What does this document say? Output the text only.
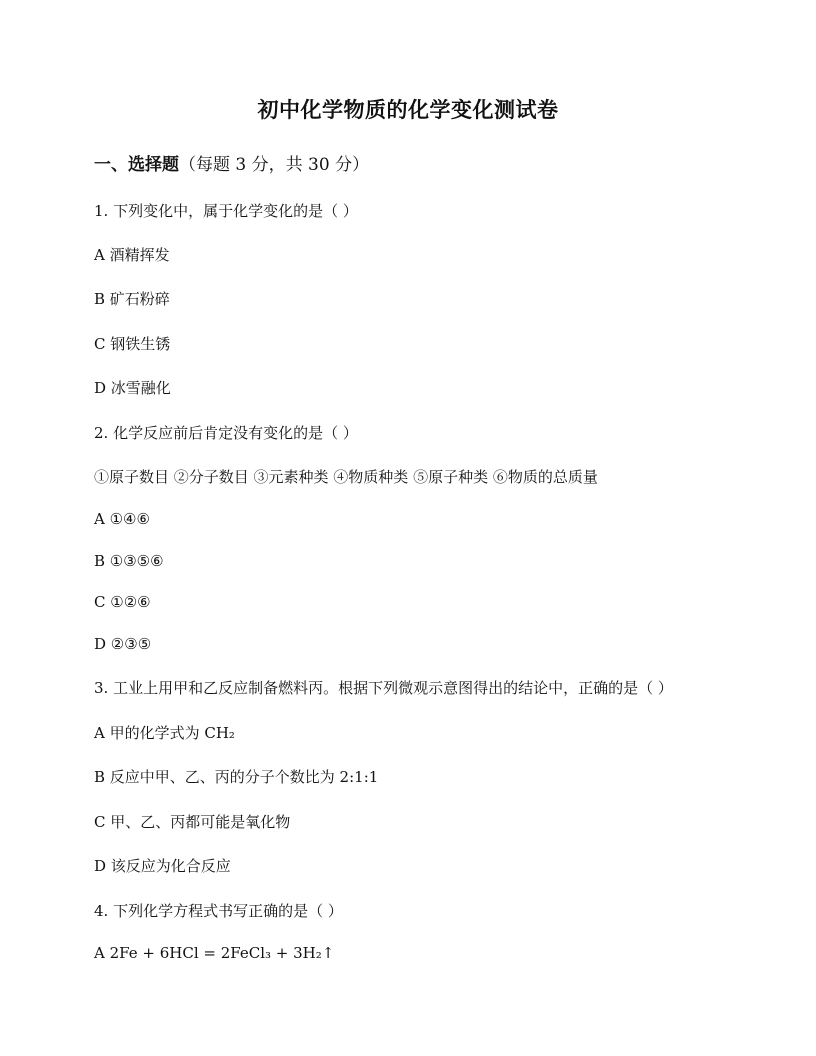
初中化学物质的化学变化测试卷
一、选择题（每题 3 分，共 30 分）
1. 下列变化中，属于化学变化的是（ ）
A 酒精挥发
B 矿石粉碎
C 钢铁生锈
D 冰雪融化
2. 化学反应前后肯定没有变化的是（ ）
①原子数目 ②分子数目 ③元素种类 ④物质种类 ⑤原子种类 ⑥物质的总质量
A ①④⑥
B ①③⑤⑥
C ①②⑥
D ②③⑤
3. 工业上用甲和乙反应制备燃料丙。根据下列微观示意图得出的结论中，正确的是（ ）
A 甲的化学式为 CH₂
B 反应中甲、乙、丙的分子个数比为 2:1:1
C 甲、乙、丙都可能是氧化物
D 该反应为化合反应
4. 下列化学方程式书写正确的是（ ）
A 2Fe + 6HCl = 2FeCl₃ + 3H₂↑
